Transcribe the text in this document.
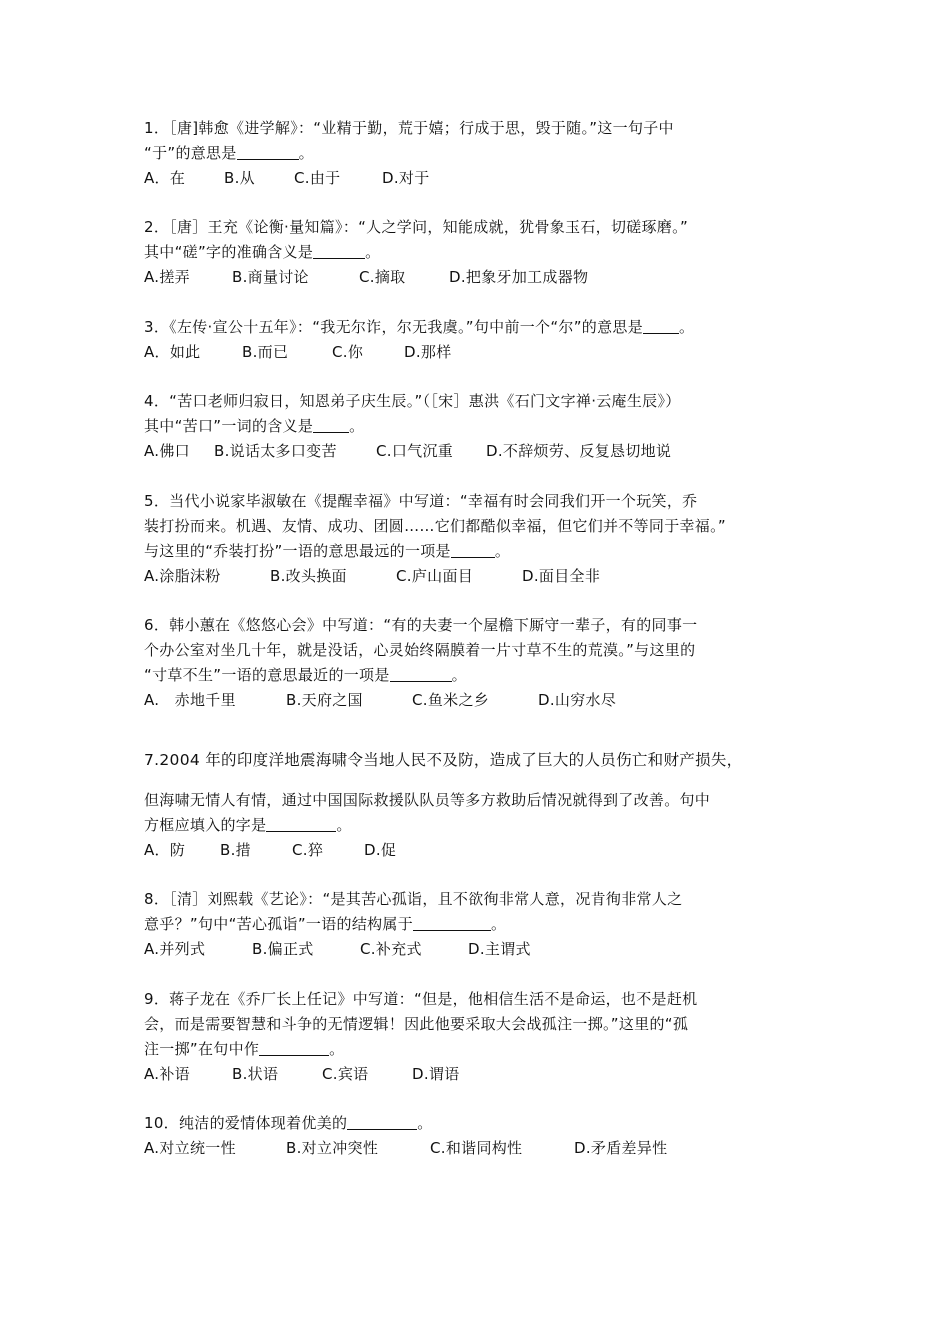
1．［唐]韩愈《进学解》：“业精于勤，荒于嬉；行成于思，毁于随。”这一句子中
“于”的意思是	。
A．在	B.从	C.由于	D.对于
2．［唐］王充《论衡·量知篇》：“人之学问，知能成就，犹骨象玉石，切磋琢磨。”
其中“磋”字的准确含义是	。
A.搓弄	B.商量讨论	C.摘取	D.把象牙加工成器物
3．《左传·宣公十五年》：“我无尔诈，尔无我虞。”句中前一个“尔”的意思是 。
A．如此	B.而已	C.你	D.那样
4．“苦口老师归寂日，知恩弟子庆生辰。”（［宋］惠洪《石门文字禅·云庵生辰》）
其中“苦口”一词的含义是 。
A.佛口 B.说话太多口变苦	C.口气沉重 D.不辞烦劳、反复恳切地说
5．当代小说家毕淑敏在《提醒幸福》中写道：“幸福有时会同我们开一个玩笑，乔
装打扮而来。机遇、友情、成功、团圆……它们都酷似幸福，但它们并不等同于幸福。”
与这里的“乔装打扮”一语的意思最远的一项是	。
A.涂脂沫粉	B.改头换面	C.庐山面目	D.面目全非
6．韩小蕙在《悠悠心会》中写道：“有的夫妻一个屋檐下厮守一辈子，有的同事一
个办公室对坐几十年，就是没话，心灵始终隔膜着一片寸草不生的荒漠。”与这里的
“寸草不生”一语的意思最近的一项是	。
A.　赤地千里	B.天府之国	C.鱼米之乡	D.山穷水尽
7.2004 年的印度洋地震海啸令当地人民不及防，造成了巨大的人员伤亡和财产损失，
但海啸无情人有情，通过中国国际救援队队员等多方救助后情况就得到了改善。句中
方框应填入的字是	。
A．防 B.措	C.猝	D.促
8．［清］刘熙载《艺论》：“是其苦心孤诣，且不欲徇非常人意，况肯徇非常人之
意乎？”句中“苦心孤诣”一语的结构属于	。
A.并列式	B.偏正式	C.补充式	D.主谓式
9．蒋子龙在《乔厂长上任记》中写道：“但是，他相信生活不是命运，也不是赶机
会，而是需要智慧和斗争的无情逻辑！因此他要采取大会战孤注一掷。”这里的“孤
注一掷”在句中作	。
A.补语	B.状语	C.宾语	D.谓语
10．纯洁的爱情体现着优美的	。
A.对立统一性	B.对立冲突性	C.和谐同构性	D.矛盾差异性
